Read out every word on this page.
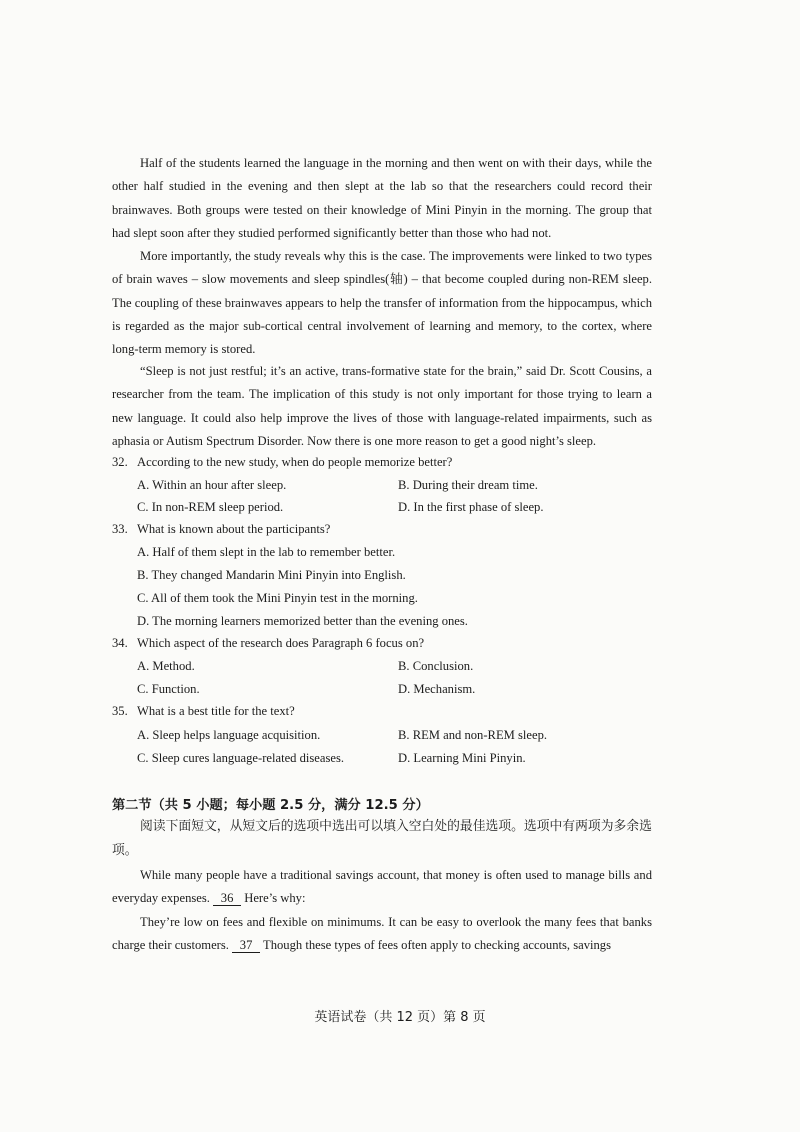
Half of the students learned the language in the morning and then went on with their days, while the other half studied in the evening and then slept at the lab so that the researchers could record their brainwaves. Both groups were tested on their knowledge of Mini Pinyin in the morning. The group that had slept soon after they studied performed significantly better than those who had not.

More importantly, the study reveals why this is the case. The improvements were linked to two types of brain waves – slow movements and sleep spindles(轴) – that become coupled during non-REM sleep. The coupling of these brainwaves appears to help the transfer of information from the hippocampus, which is regarded as the major sub-cortical central involvement of learning and memory, to the cortex, where long-term memory is stored.

“Sleep is not just restful; it’s an active, trans-formative state for the brain,” said Dr. Scott Cousins, a researcher from the team. The implication of this study is not only important for those trying to learn a new language. It could also help improve the lives of those with language-related impairments, such as aphasia or Autism Spectrum Disorder. Now there is one more reason to get a good night’s sleep.

32. According to the new study, when do people memorize better?
A. Within an hour after sleep.	B. During their dream time.
C. In non-REM sleep period.	D. In the first phase of sleep.
33. What is known about the participants?
A. Half of them slept in the lab to remember better.
B. They changed Mandarin Mini Pinyin into English.
C. All of them took the Mini Pinyin test in the morning.
D. The morning learners memorized better than the evening ones.
34. Which aspect of the research does Paragraph 6 focus on?
A. Method.	B. Conclusion.
C. Function.	D. Mechanism.
35. What is a best title for the text?
A. Sleep helps language acquisition.	B. REM and non-REM sleep.
C. Sleep cures language-related diseases.	D. Learning Mini Pinyin.
第二节（共 5 小题；每小题 2.5 分，满分 12.5 分）

阅读下面短文，从短文后的选项中选出可以填入空白处的最佳选项。选项中有两项为多余选项。

While many people have a traditional savings account, that money is often used to manage bills and everyday expenses. 36 Here’s why:

They’re low on fees and flexible on minimums. It can be easy to overlook the many fees that banks charge their customers. 37 Though these types of fees often apply to checking accounts, savings

英语试卷（共 12 页）第 8 页
